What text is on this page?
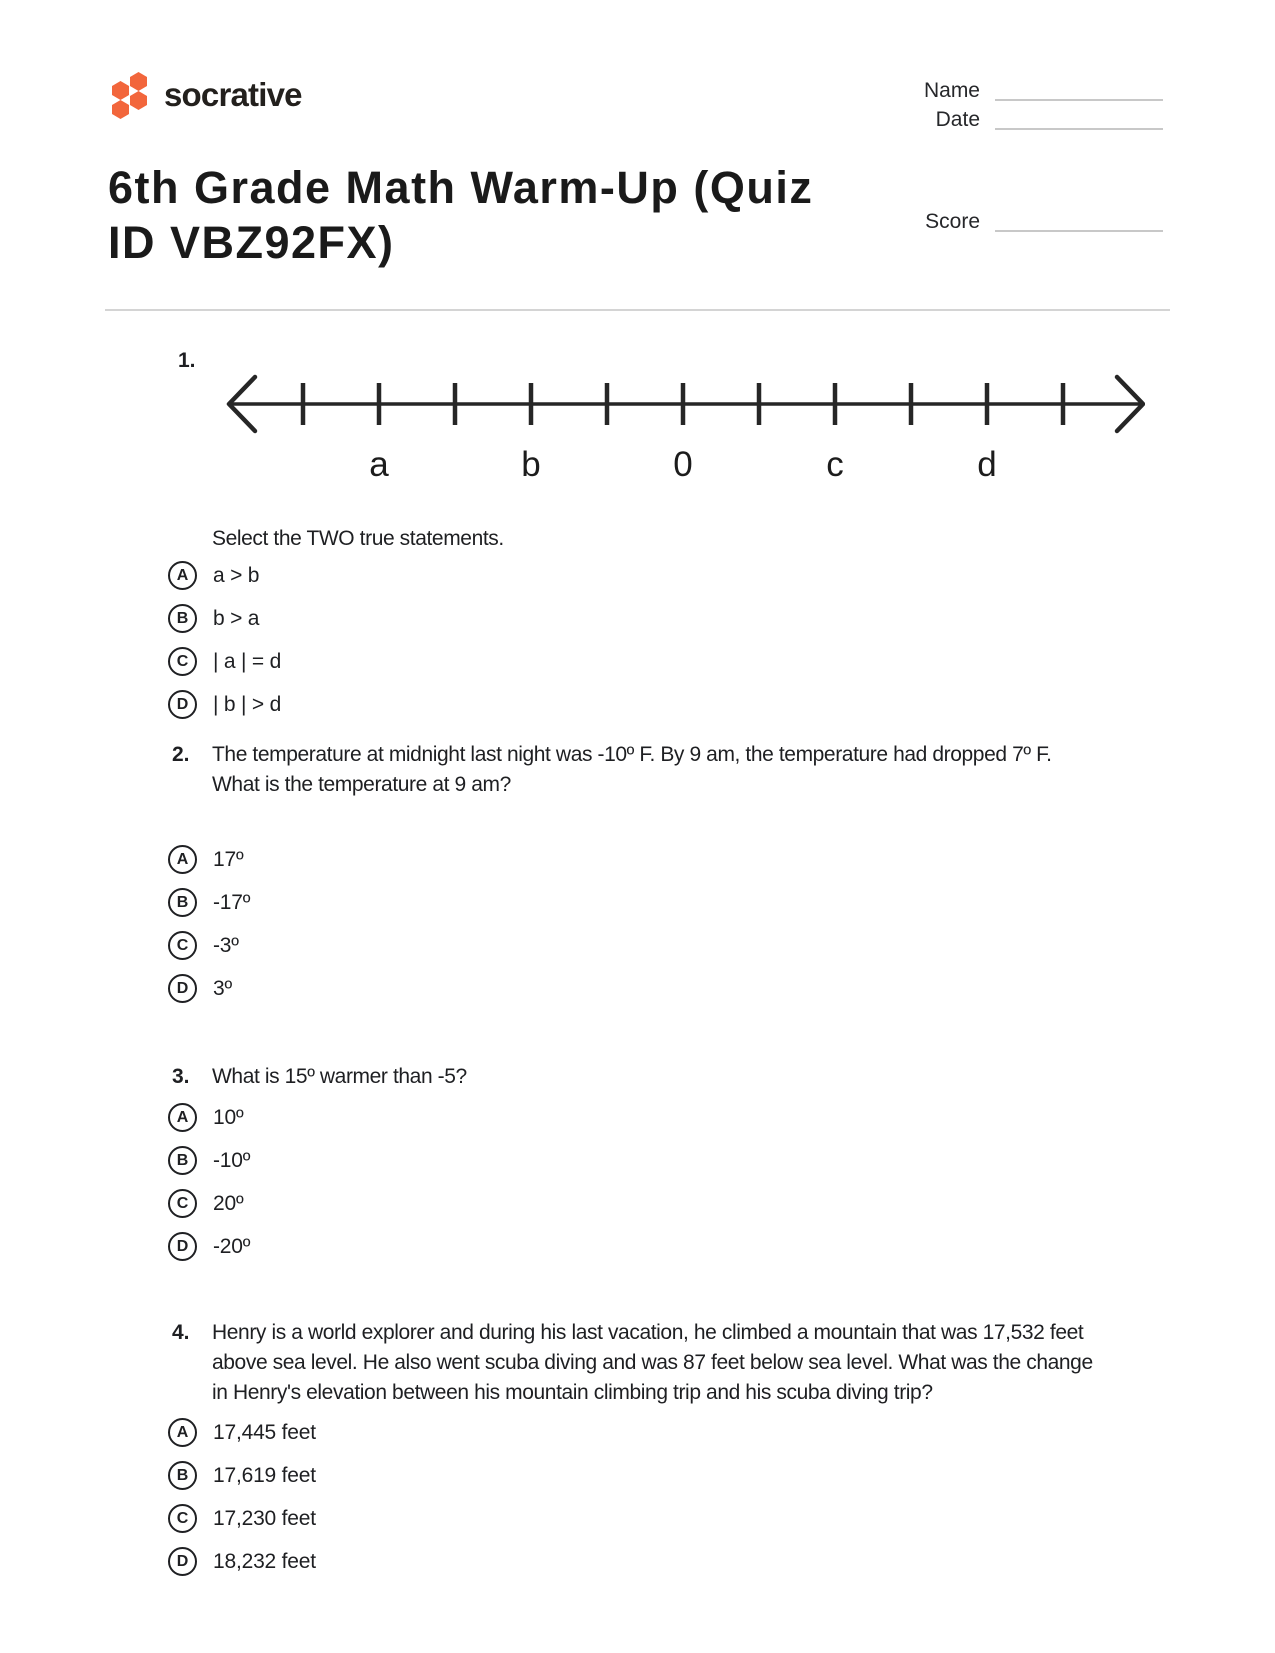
socrative	Name
Date
Score
6th Grade Math Warm-Up (Quiz
ID VBZ92FX)
1.
a	b	0	c	d
Select the TWO true statements.
A a > b
B b > a
C | a | = d
D | b | > d
2.	The temperature at midnight last night was -10º F. By 9 am, the temperature had dropped 7º F. What is the temperature at 9 am?
A 17º
B -17º
C -3º
D 3º
3.	What is 15º warmer than -5?
A 10º
B -10º
C 20º
D -20º
4.	Henry is a world explorer and during his last vacation, he climbed a mountain that was 17,532 feet above sea level. He also went scuba diving and was 87 feet below sea level. What was the change in Henry's elevation between his mountain climbing trip and his scuba diving trip?
A 17,445 feet
B 17,619 feet
C 17,230 feet
D 18,232 feet
